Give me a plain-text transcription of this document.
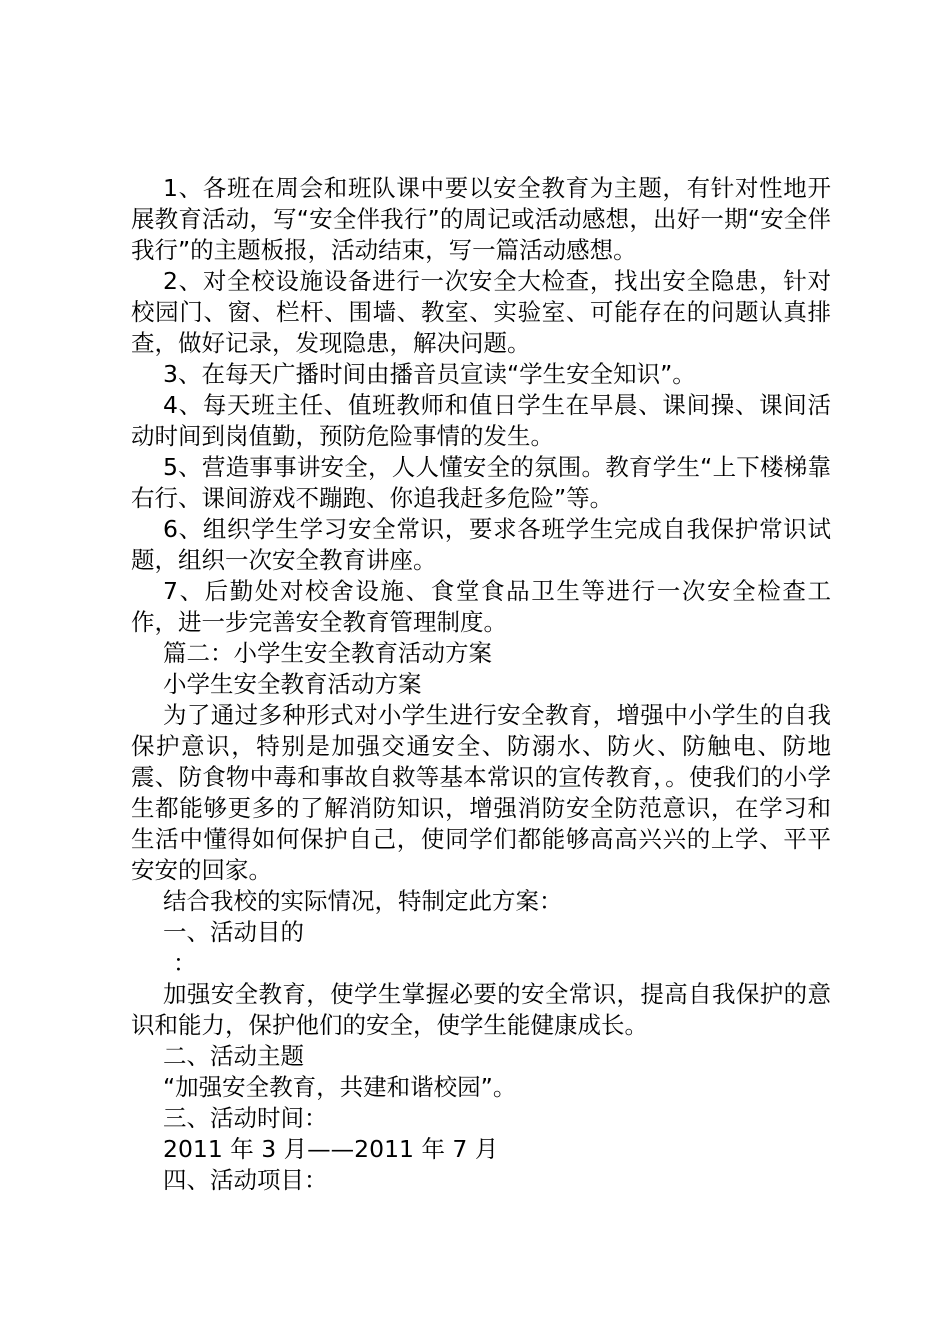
1、各班在周会和班队课中要以安全教育为主题，有针对性地开展教育活动，写“安全伴我行”的周记或活动感想，出好一期“安全伴我行”的主题板报，活动结束，写一篇活动感想。

2、对全校设施设备进行一次安全大检查，找出安全隐患，针对校园门、窗、栏杆、围墙、教室、实验室、可能存在的问题认真排查，做好记录，发现隐患，解决问题。

3、在每天广播时间由播音员宣读“学生安全知识”。

4、每天班主任、值班教师和值日学生在早晨、课间操、课间活动时间到岗值勤，预防危险事情的发生。

5、营造事事讲安全，人人懂安全的氛围。教育学生“上下楼梯靠右行、课间游戏不蹦跑、你追我赶多危险”等。

6、组织学生学习安全常识，要求各班学生完成自我保护常识试题，组织一次安全教育讲座。

7、后勤处对校舍设施、食堂食品卫生等进行一次安全检查工作，进一步完善安全教育管理制度。

篇二：小学生安全教育活动方案

小学生安全教育活动方案

为了通过多种形式对小学生进行安全教育，增强中小学生的自我保护意识，特别是加强交通安全、防溺水、防火、防触电、防地震、防食物中毒和事故自救等基本常识的宣传教育，。使我们的小学生都能够更多的了解消防知识，增强消防安全防范意识，在学习和生活中懂得如何保护自己，使同学们都能够高高兴兴的上学、平平安安的回家。

结合我校的实际情况，特制定此方案：

一、活动目的

：

加强安全教育，使学生掌握必要的安全常识，提高自我保护的意识和能力，保护他们的安全，使学生能健康成长。

二、活动主题

“加强安全教育，共建和谐校园”。

三、活动时间：

2011 年 3 月——2011 年 7 月

四、活动项目：
